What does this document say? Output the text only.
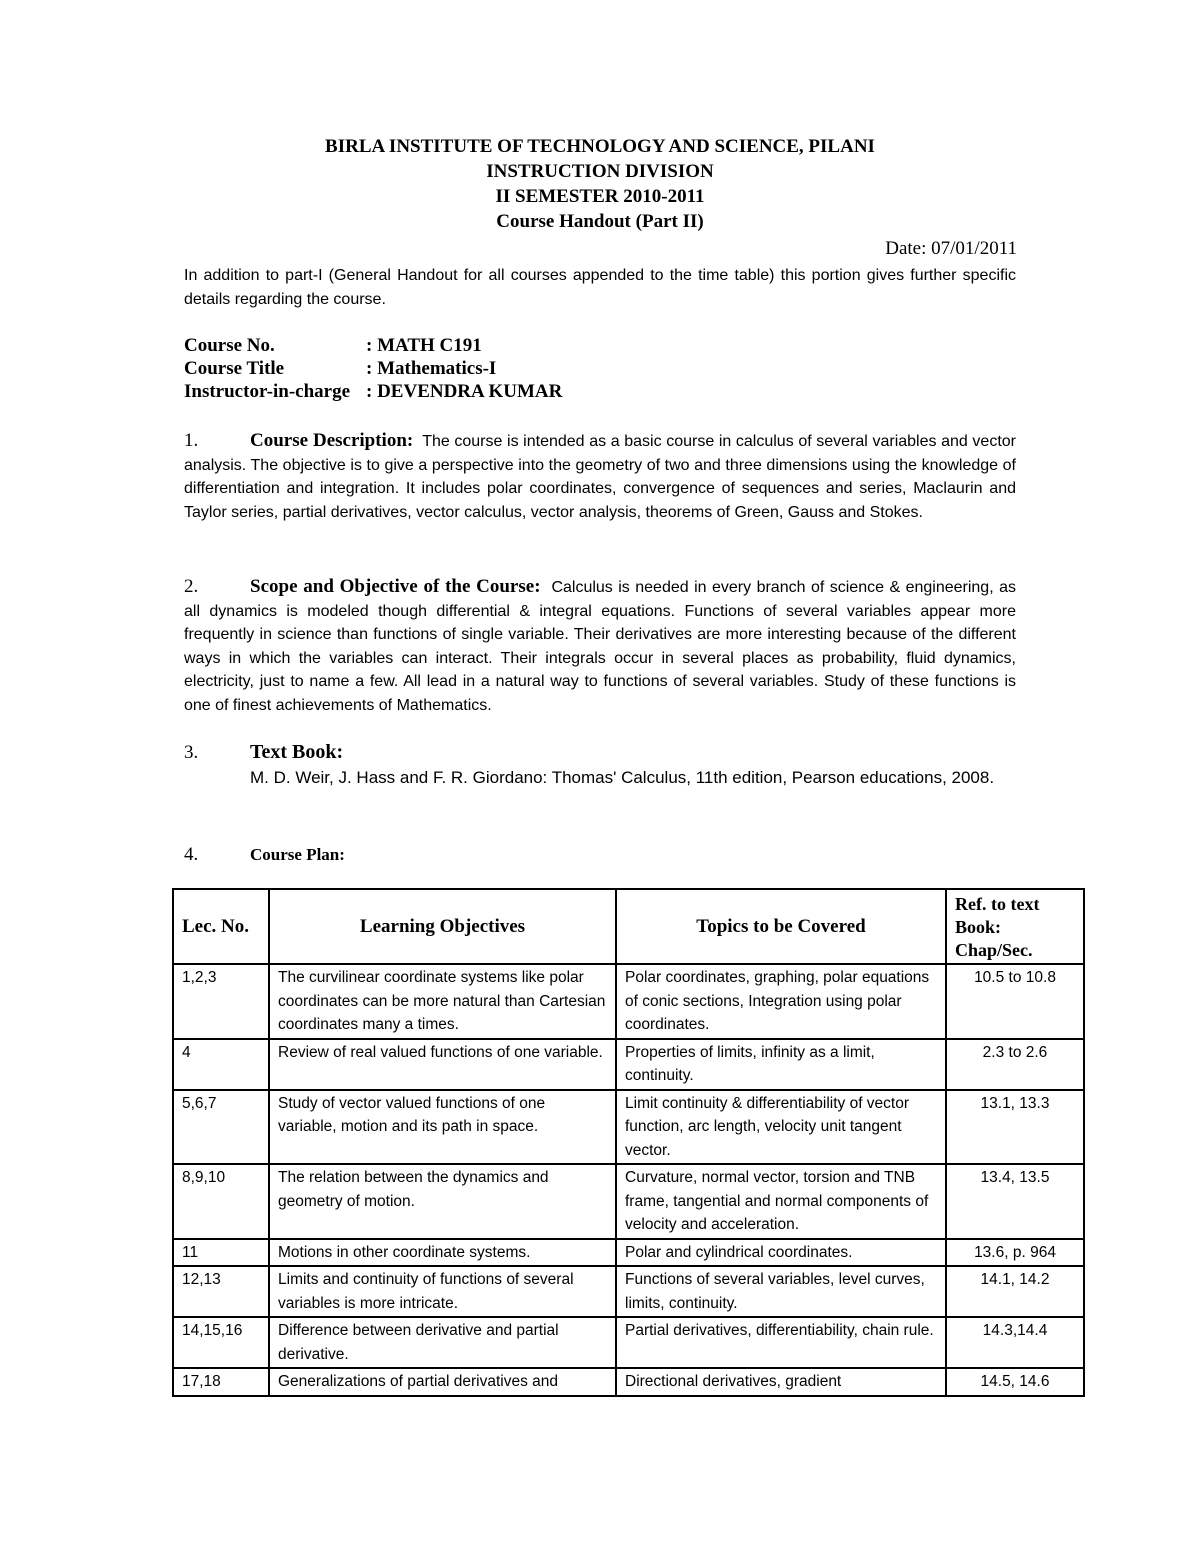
BIRLA INSTITUTE OF TECHNOLOGY AND SCIENCE, PILANI
INSTRUCTION DIVISION
II SEMESTER 2010-2011
Course Handout (Part II)
Date: 07/01/2011
In addition to part-I (General Handout for all courses appended to the time table) this portion gives further specific details regarding the course.
Course No.	: MATH C191
Course Title	: Mathematics-I
Instructor-in-charge : DEVENDRA KUMAR
1.	Course Description: The course is intended as a basic course in calculus of several variables and vector analysis. The objective is to give a perspective into the geometry of two and three dimensions using the knowledge of differentiation and integration. It includes polar coordinates, convergence of sequences and series, Maclaurin and Taylor series, partial derivatives, vector calculus, vector analysis, theorems of Green, Gauss and Stokes.
2.	Scope and Objective of the Course: Calculus is needed in every branch of science & engineering, as all dynamics is modeled though differential & integral equations. Functions of several variables appear more frequently in science than functions of single variable. Their derivatives are more interesting because of the different ways in which the variables can interact. Their integrals occur in several places as probability, fluid dynamics, electricity, just to name a few. All lead in a natural way to functions of several variables. Study of these functions is one of finest achievements of Mathematics.
3.	Text Book:
M. D. Weir, J. Hass and F. R. Giordano: Thomas' Calculus, 11th edition, Pearson educations, 2008.
4.	Course Plan:
Lec. No.	Learning Objectives	Topics to be Covered	Ref. to text Book: Chap/Sec.
1,2,3	The curvilinear coordinate systems like polar coordinates can be more natural than Cartesian coordinates many a times.	Polar coordinates, graphing, polar equations of conic sections, Integration using polar coordinates.	10.5 to 10.8
4	Review of real valued functions of one variable.	Properties of limits, infinity as a limit, continuity.	2.3 to 2.6
5,6,7	Study of vector valued functions of one variable, motion and its path in space.	Limit continuity & differentiability of vector function, arc length, velocity unit tangent vector.	13.1, 13.3
8,9,10	The relation between the dynamics and geometry of motion.	Curvature, normal vector, torsion and TNB frame, tangential and normal components of velocity and acceleration.	13.4, 13.5
11	Motions in other coordinate systems.	Polar and cylindrical coordinates.	13.6, p. 964
12,13	Limits and continuity of functions of several variables is more intricate.	Functions of several variables, level curves, limits, continuity.	14.1, 14.2
14,15,16	Difference between derivative and partial derivative.	Partial derivatives, differentiability, chain rule.	14.3,14.4
17,18	Generalizations of partial derivatives and	Directional derivatives, gradient	14.5, 14.6
